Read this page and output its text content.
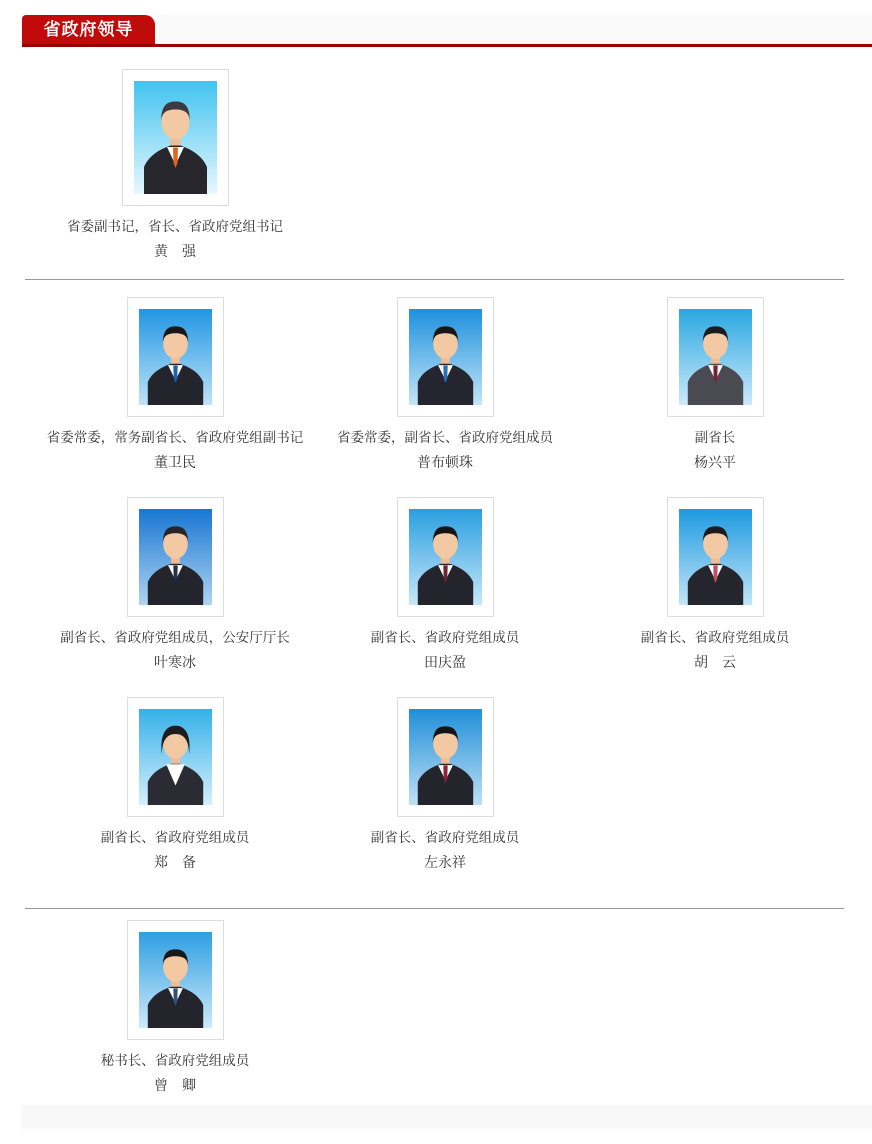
省政府领导
省委副书记，省长、省政府党组书记
黄　强
省委常委，常务副省长、省政府党组副书记
董卫民
省委常委，副省长、省政府党组成员
普布顿珠
副省长
杨兴平
副省长、省政府党组成员，公安厅厅长
叶寒冰
副省长、省政府党组成员
田庆盈
副省长、省政府党组成员
胡　云
副省长、省政府党组成员
郑　备
副省长、省政府党组成员
左永祥
秘书长、省政府党组成员
曾　卿
